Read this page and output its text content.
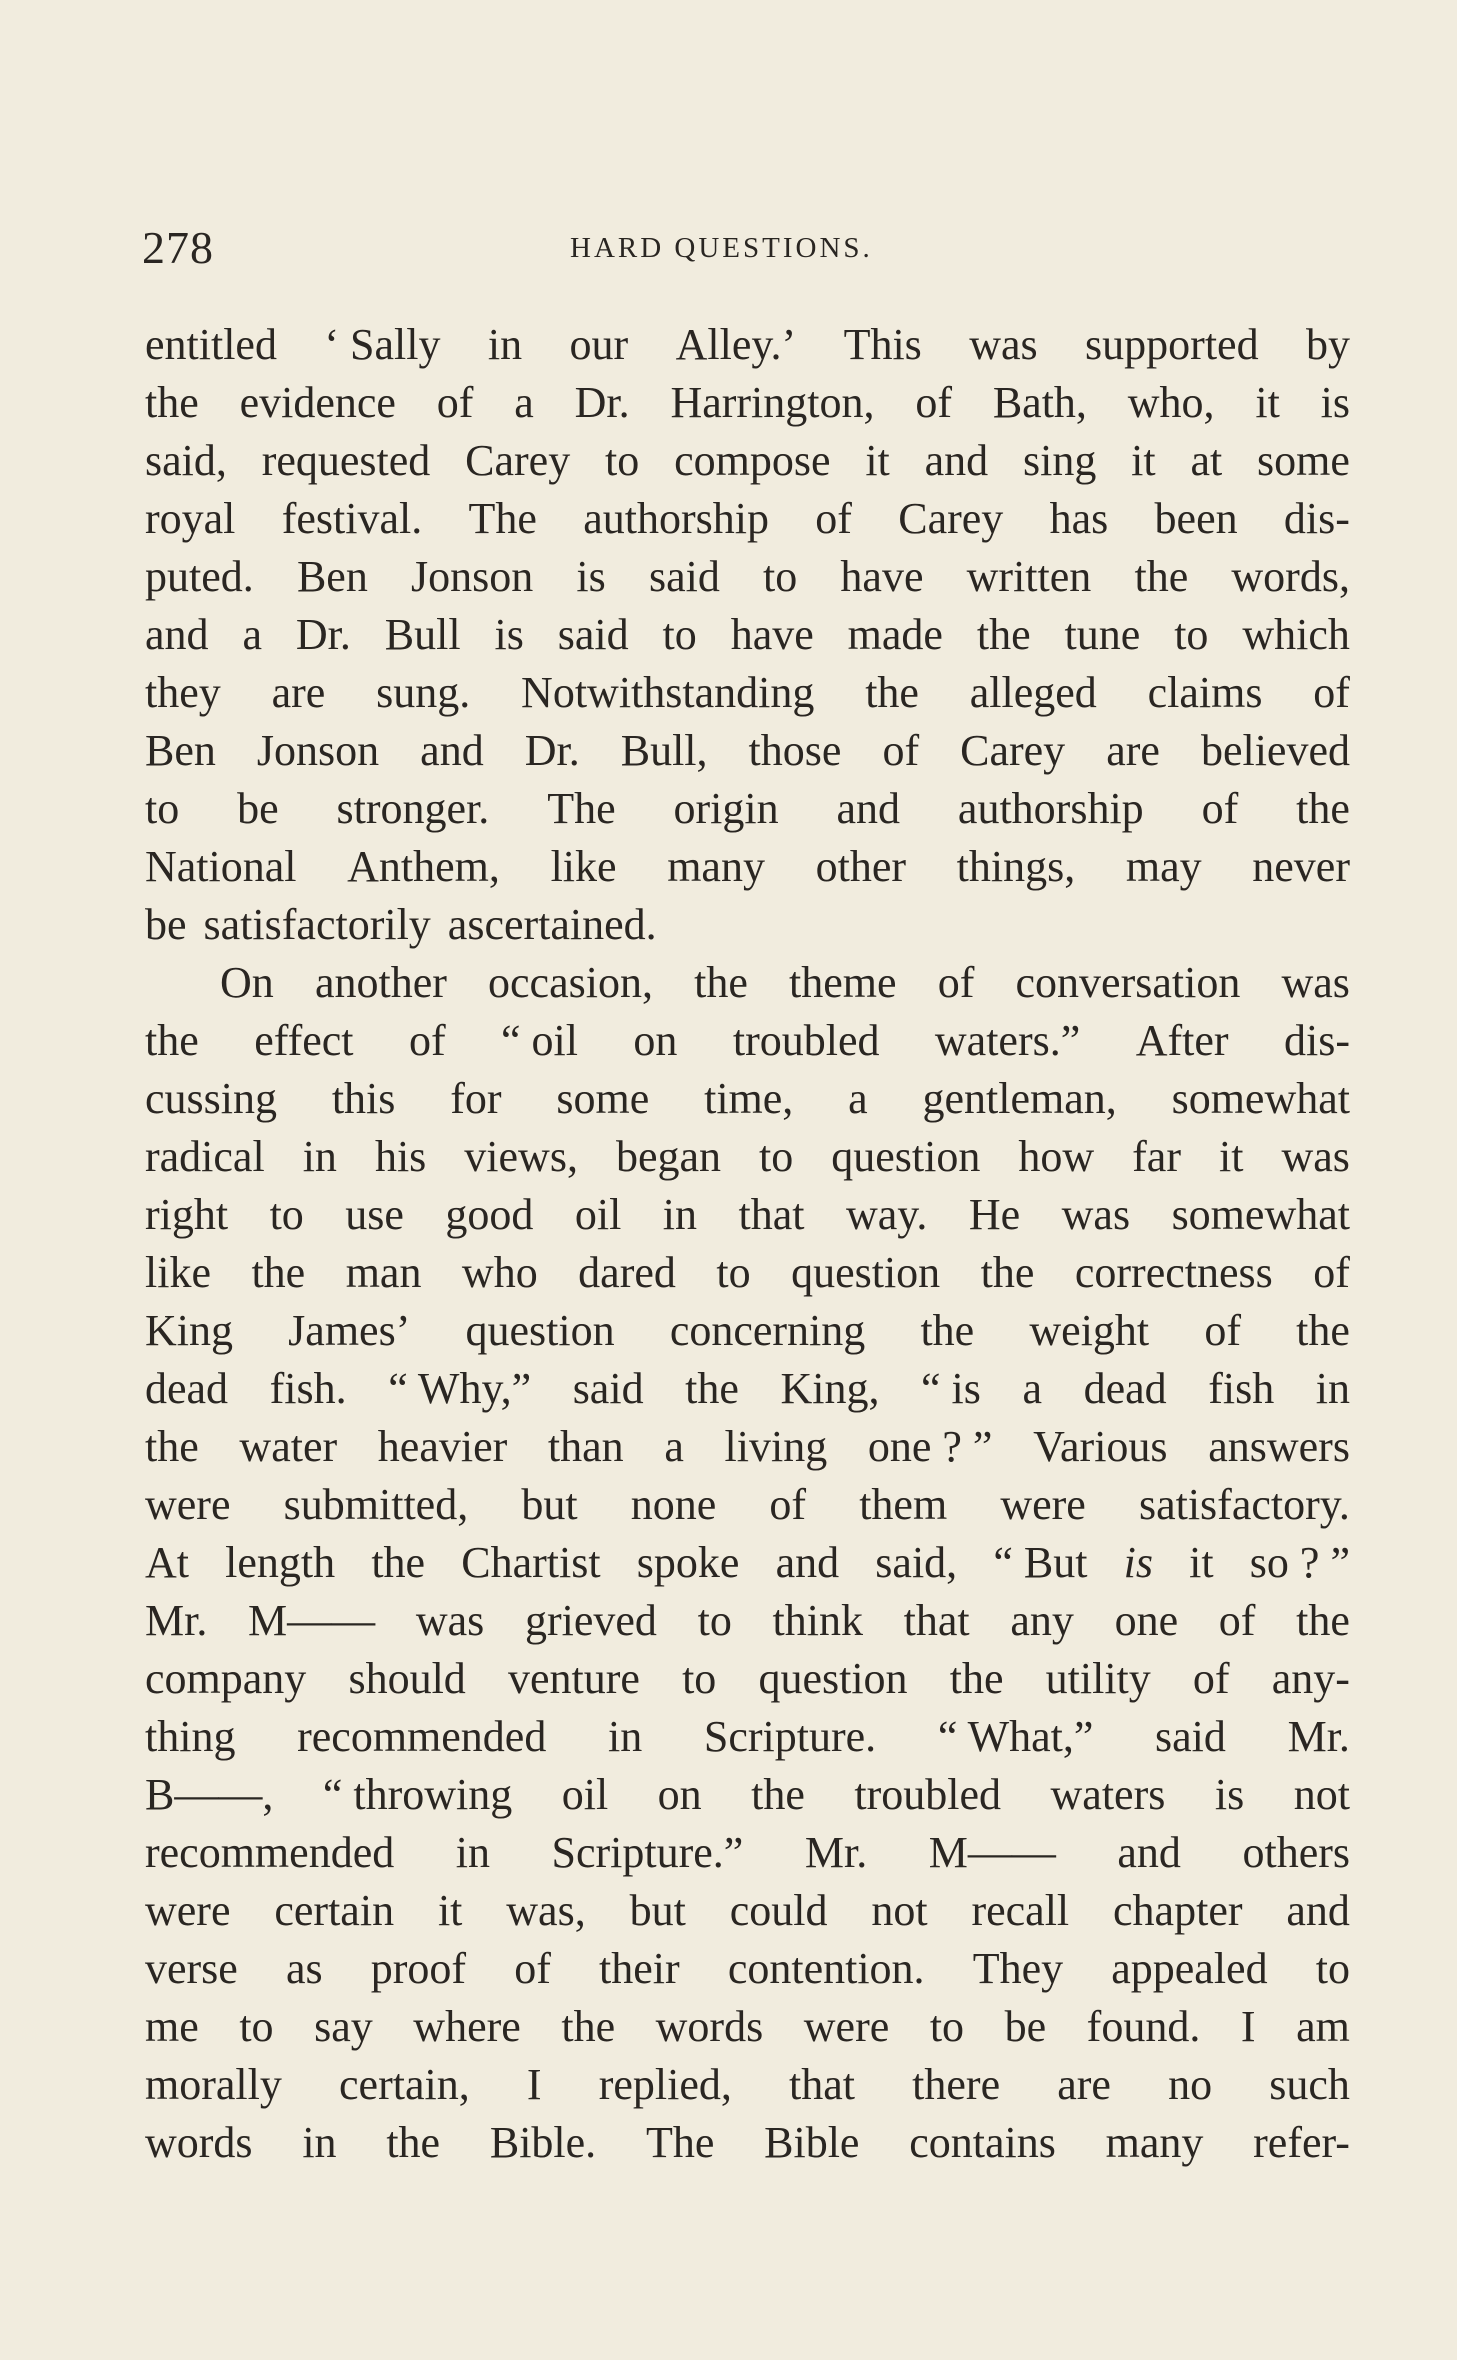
278	HARD QUESTIONS.
entitled ‘ Sally in our Alley.’ This was supported by
the evidence of a Dr. Harrington, of Bath, who, it is
said, requested Carey to compose it and sing it at some
royal festival. The authorship of Carey has been dis-
puted. Ben Jonson is said to have written the words,
and a Dr. Bull is said to have made the tune to which
they are sung. Notwithstanding the alleged claims of
Ben Jonson and Dr. Bull, those of Carey are believed
to be stronger. The origin and authorship of the
National Anthem, like many other things, may never
be satisfactorily ascertained.
On another occasion, the theme of conversation was
the effect of “ oil on troubled waters.” After dis-
cussing this for some time, a gentleman, somewhat
radical in his views, began to question how far it was
right to use good oil in that way. He was somewhat
like the man who dared to question the correctness of
King James’ question concerning the weight of the
dead fish. “ Why,” said the King, “ is a dead fish in
the water heavier than a living one ? ” Various answers
were submitted, but none of them were satisfactory.
At length the Chartist spoke and said, “ But is it so ? ”
Mr. M—— was grieved to think that any one of the
company should venture to question the utility of any-
thing recommended in Scripture. “ What,” said Mr.
B——, “ throwing oil on the troubled waters is not
recommended in Scripture.” Mr. M—— and others
were certain it was, but could not recall chapter and
verse as proof of their contention. They appealed to
me to say where the words were to be found. I am
morally certain, I replied, that there are no such
words in the Bible. The Bible contains many refer-
